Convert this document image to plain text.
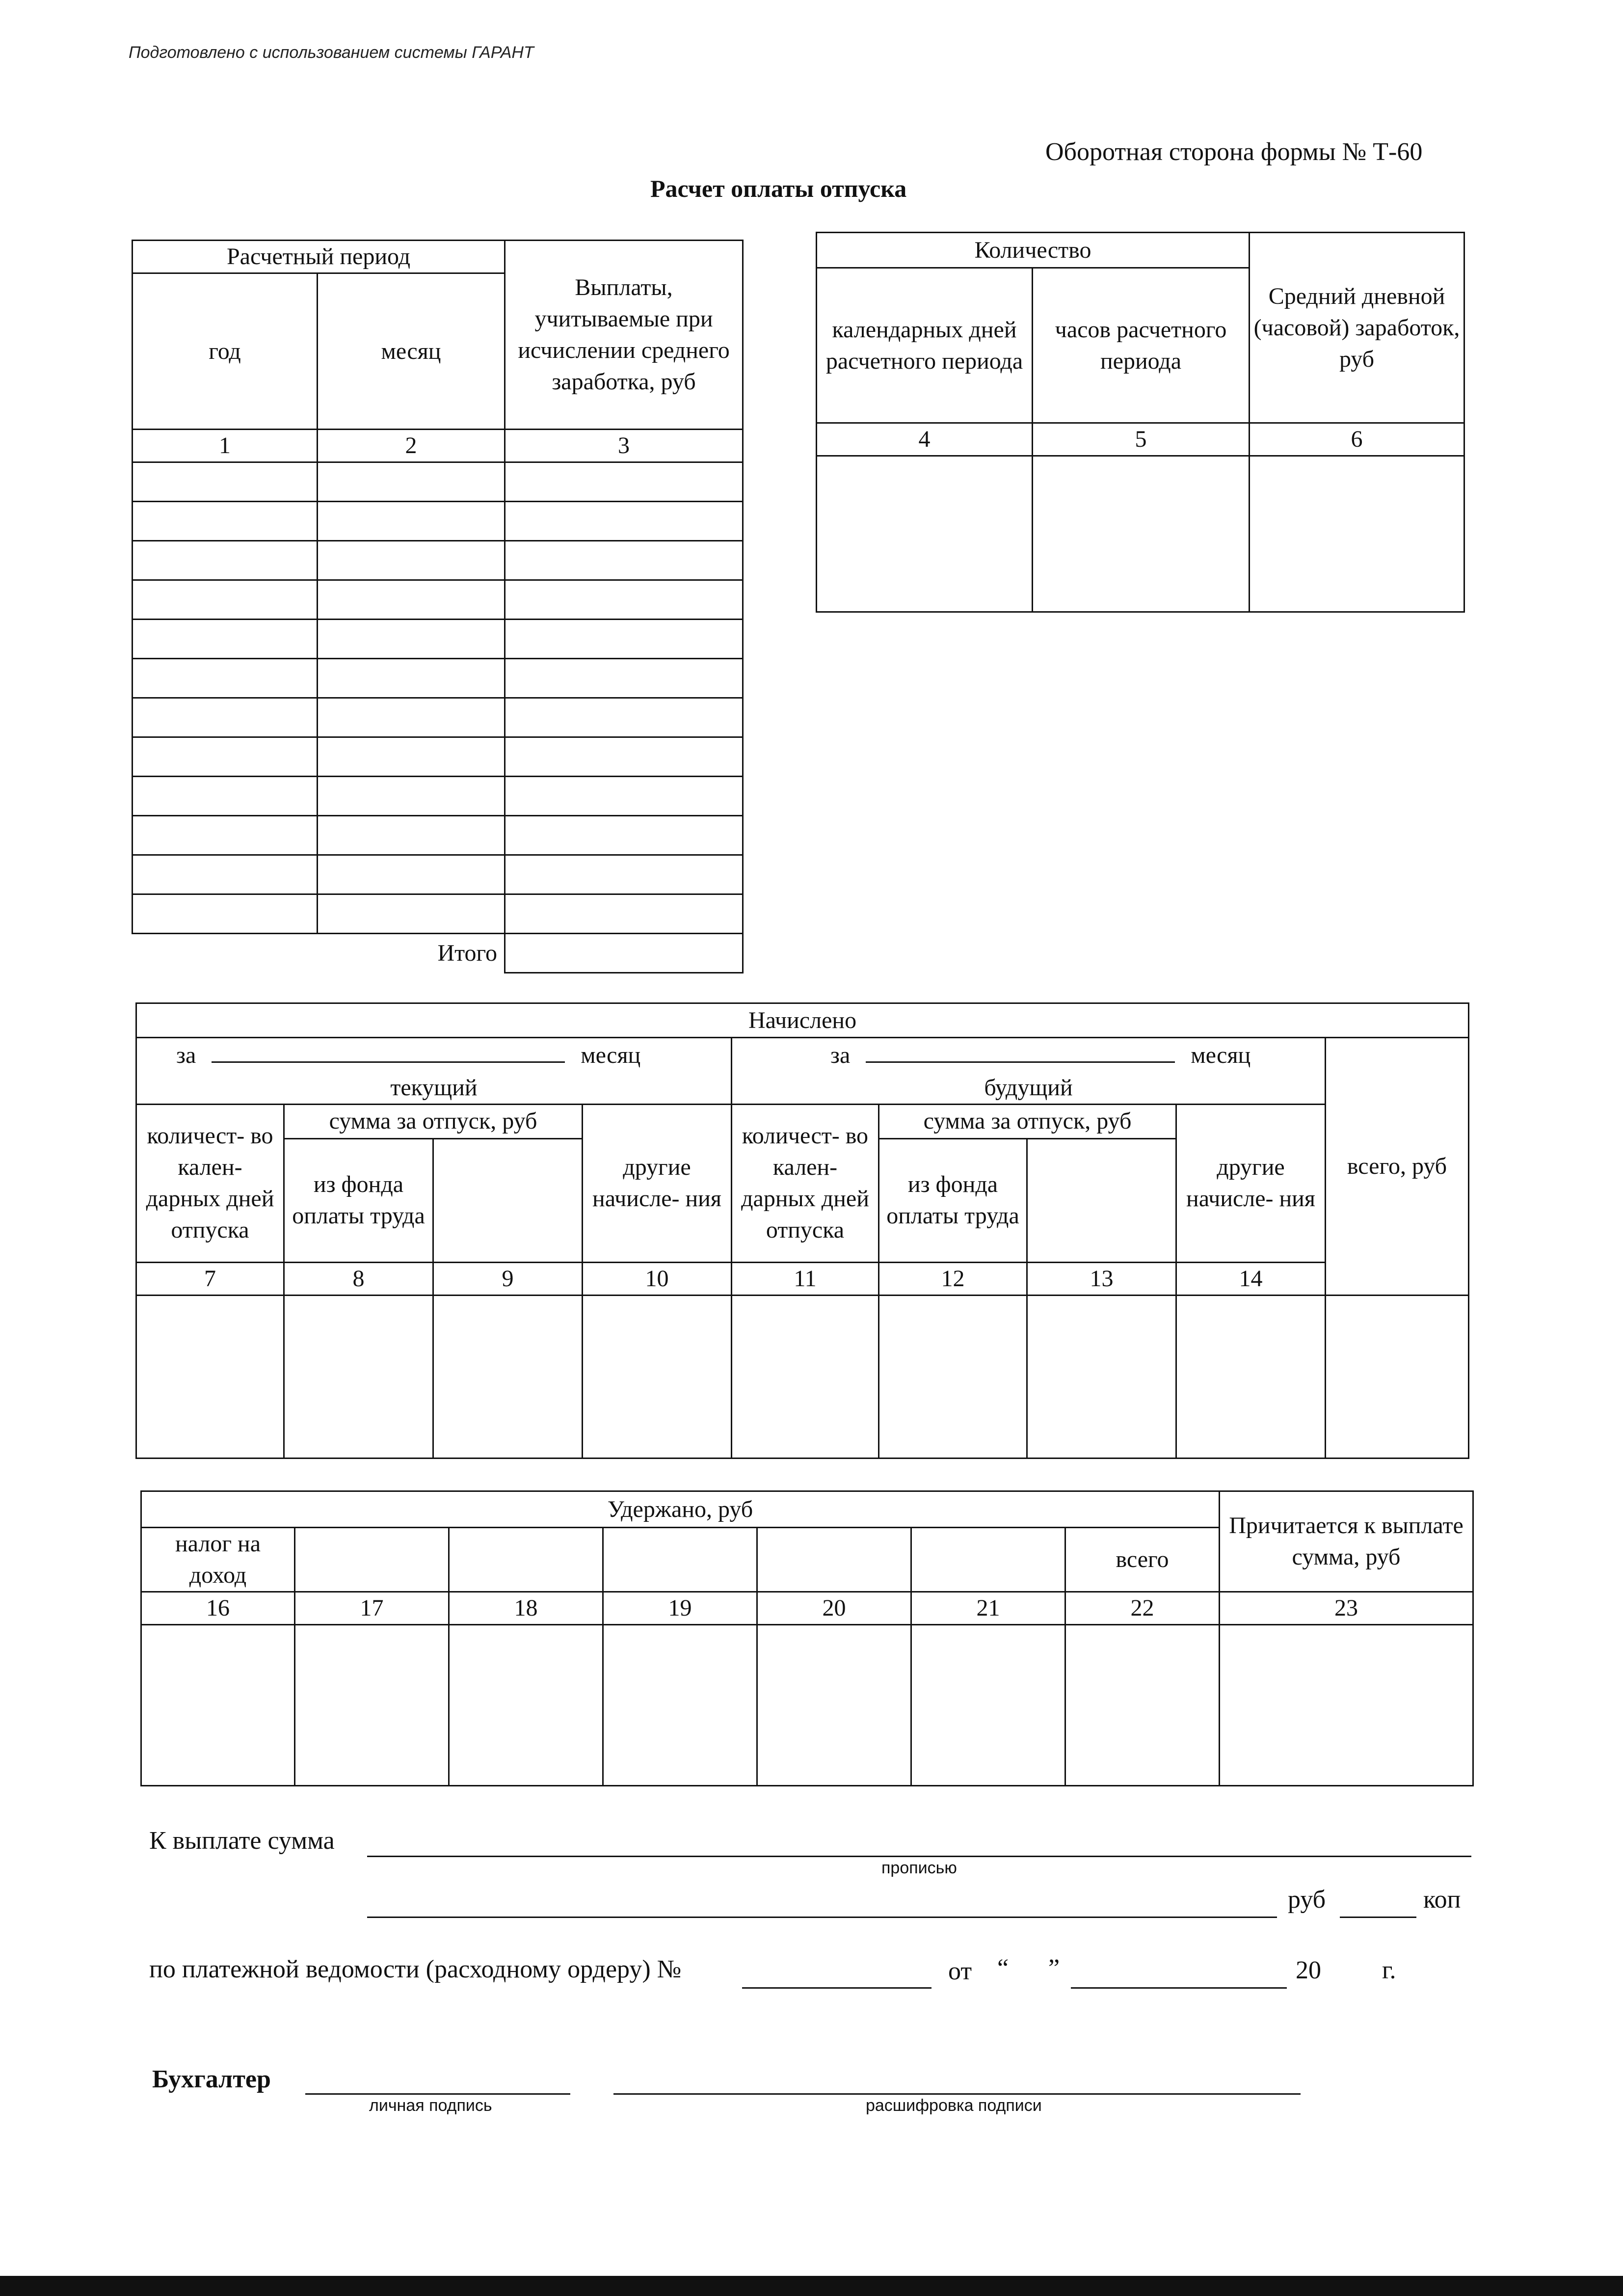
Подготовлено с использованием системы ГАРАНТ
Оборотная сторона формы № Т-60
Расчет оплаты отпуска
Расчетный период		Выплаты, учитываемые при исчислении среднего заработка, руб
год	месяц	
1	2	3

Итого		
Количество		Средний дневной (часовой) заработок, руб
календарных дней расчетного периода	часов расчетного периода	
4	5	6

Начислено									
за месяц				за месяц				всего, руб	
текущий				будущий					
количест- во кален- дарных дней отпуска	сумма за отпуск, руб		другие начисле- ния	количест- во кален- дарных дней отпуска	сумма за отпуск, руб		другие начисле- ния		
	из фонда оплаты труда				из фонда оплаты труда				
7	8	9	10	11	12	13	14	

Удержано, руб							Причитается к выплате сумма, руб
налог на доход						всего	
16	17	18	19	20	21	22	23

К выплате сумма
прописью
руб	коп
по платежной ведомости (расходному ордеру) №	от “ ”	20 г.
Бухгалтер
личная подпись	расшифровка подписи
